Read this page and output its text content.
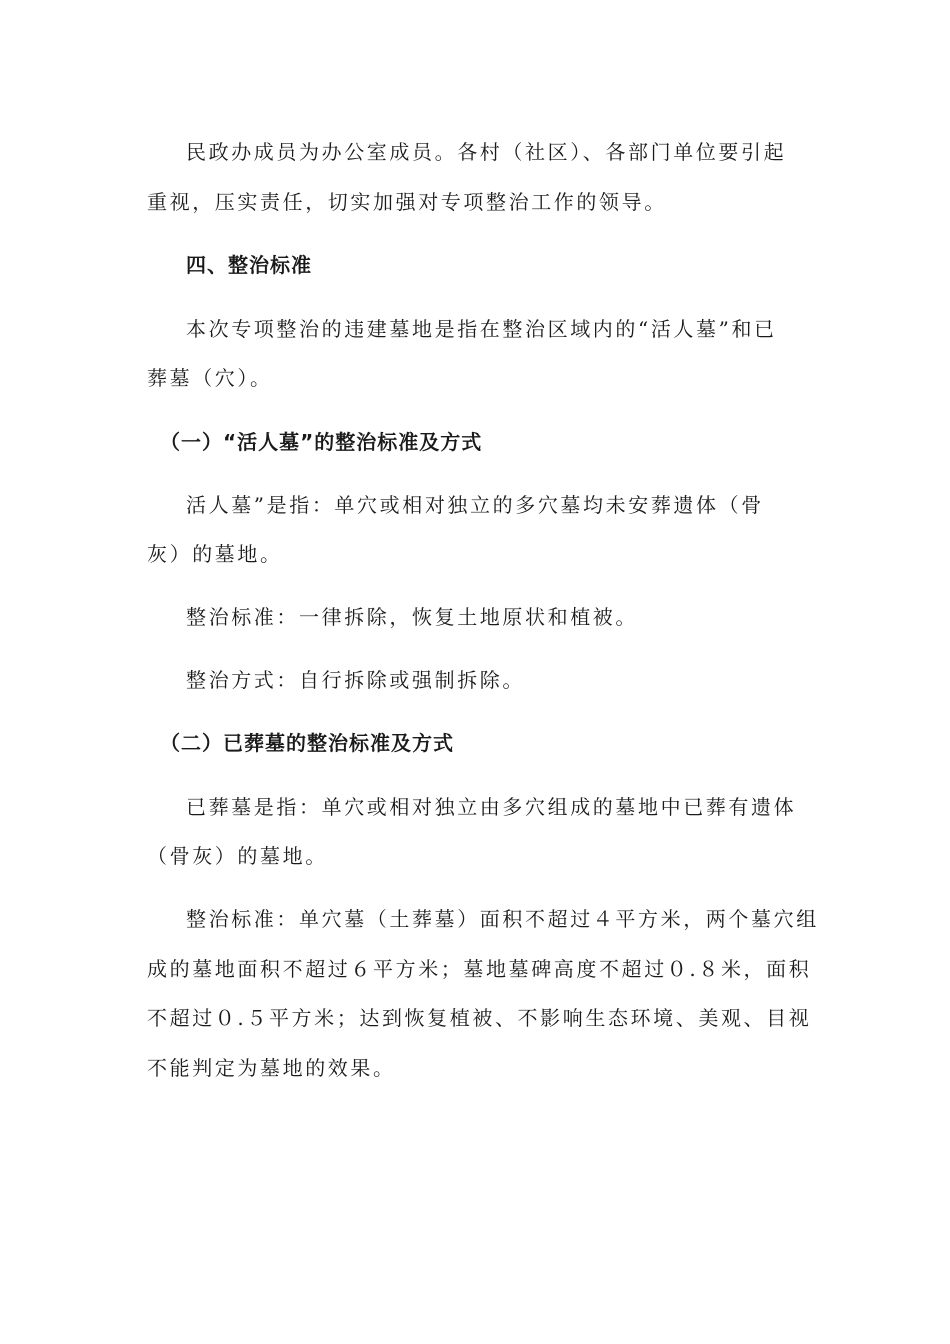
民政办成员为办公室成员。各村（社区）、各部门单位要引起
重视，压实责任，切实加强对专项整治工作的领导。
四、整治标准
本次专项整治的违建墓地是指在整治区域内的“活人墓”和已
葬墓（穴）。
（一）“活人墓”的整治标准及方式
活人墓”是指：单穴或相对独立的多穴墓均未安葬遗体（骨
灰）的墓地。
整治标准：一律拆除，恢复土地原状和植被。
整治方式：自行拆除或强制拆除。
（二）已葬墓的整治标准及方式
已葬墓是指：单穴或相对独立由多穴组成的墓地中已葬有遗体
（骨灰）的墓地。
整治标准：单穴墓（土葬墓）面积不超过４平方米，两个墓穴组
成的墓地面积不超过６平方米；墓地墓碑高度不超过０.８米，面积
不超过０.５平方米；达到恢复植被、不影响生态环境、美观、目视
不能判定为墓地的效果。
